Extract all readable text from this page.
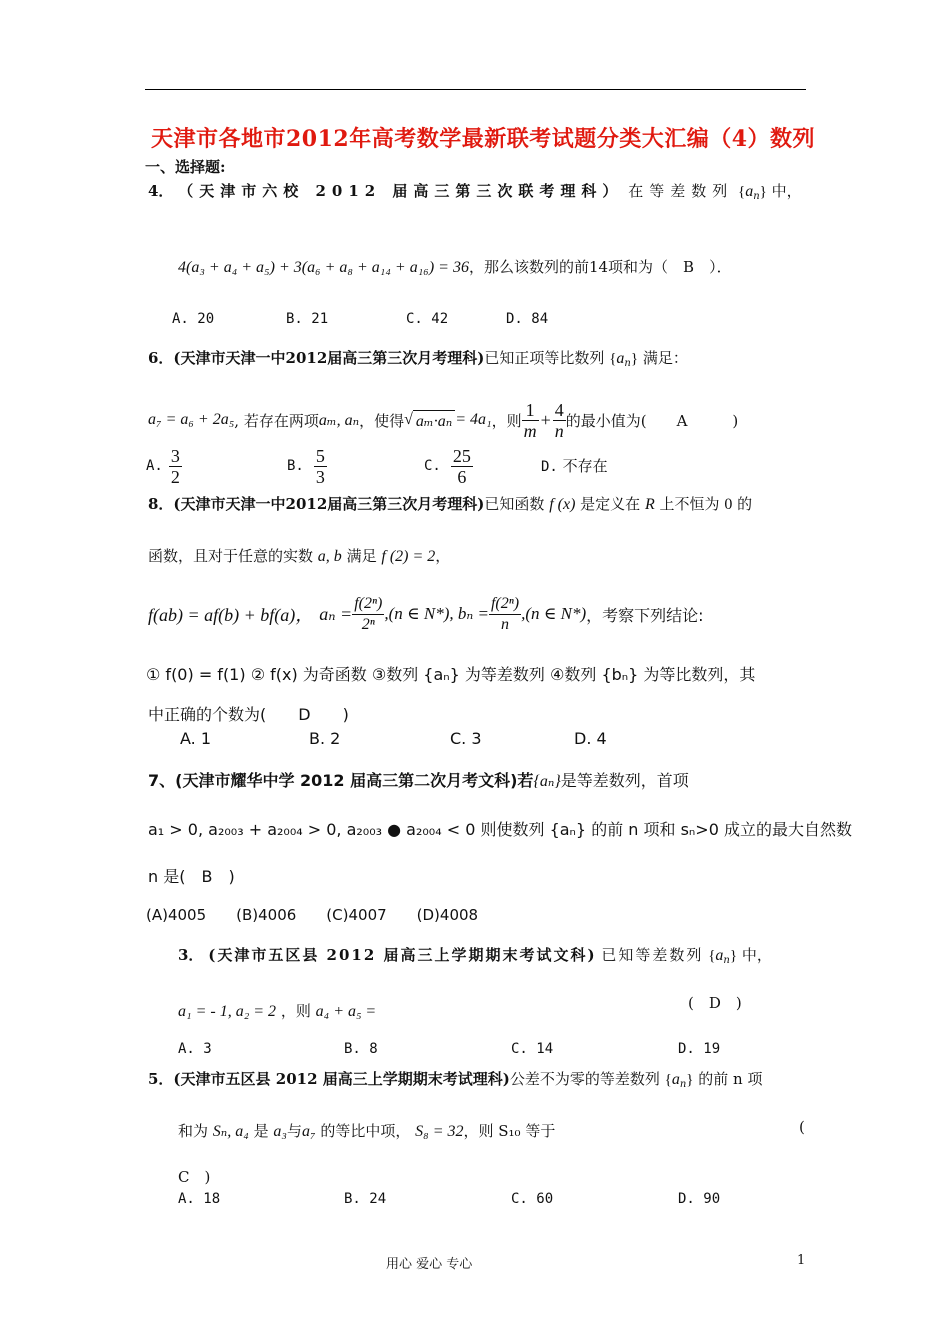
天津市各地市2012年高考数学最新联考试题分类大汇编（4）数列
一、选择题:
4． （天津市六校 2012 届高三第三次联考理科） 在等差数列 $\{a_n\}$ 中，
4(a₃ + a₄ + a₅) + 3(a₆ + a₈ + a₁₄ + a₁₆) = 36，那么该数列的前14项和为（　B　）．
A. 20	B. 21	C. 42	D. 84
6．(天津市天津一中2012届高三第三次月考理科)已知正项等比数列 $\{a_n\}$ 满足：
a₇ = a₆ + 2a₅ , 若存在两项 aₘ, aₙ ，使得 √ aₘ·aₙ = 4a₁ ，则 $\frac{1}{m} + \frac{4}{n}$ 的最小值为(　　A　　　)
A. $\frac{3}{2}$	B. $\frac{5}{3}$	C. $\frac{25}{6}$	D. 不存在
8．(天津市天津一中2012届高三第三次月考理科)已知函数 f (x) 是定义在 R 上不恒为 0 的
函数，且对于任意的实数 a, b 满足 f (2) = 2，
f(ab) = af(b) + bf(a)， $a_n = \frac{\text{f(2ⁿ)}}{\text{2ⁿ}} ,(n$ ∈ N*), $b_n = \frac{\text{f(2ⁿ)}}{n} ,(n$ ∈ N*) ，考察下列结论:
① f(0) = f(1) ② f(x) 为奇函数 ③数列 {aₙ} 为等差数列 ④数列 {bₙ} 为等比数列，其
中正确的个数为(　　D　　)
A. 1	B. 2	C. 3	D. 4
7、(天津市耀华中学 2012 届高三第二次月考文科)若{aₙ}是等差数列，首项
a₁ > 0, a₂₀₀₃ + a₂₀₀₄ > 0, a₂₀₀₃ ● a₂₀₀₄ < 0 则使数列 {aₙ} 的前 n 项和 sₙ>0 成立的最大自然数
n 是(　B　)
(A)4005　　(B)4006　　(C)4007　　(D)4008
3． (天津市五区县 2012 届高三上学期期末考试文科) 已知等差数列 $\{a_n\}$ 中，
a₁ = - 1, a₂ = 2 ，则 a₄ + a₅ =	(　D　)
A. 3	B. 8	C. 14	D. 19
5．(天津市五区县 2012 届高三上学期期末考试理科)公差不为零的等差数列 $\{a_n\}$ 的前 n 项
和为 Sₙ, a₄ 是 a₃与a₇ 的等比中项， S₈ = 32，则 S₁₀ 等于	(
C　)
A. 18	B. 24	C. 60	D. 90
用心 爱心 专心	1
